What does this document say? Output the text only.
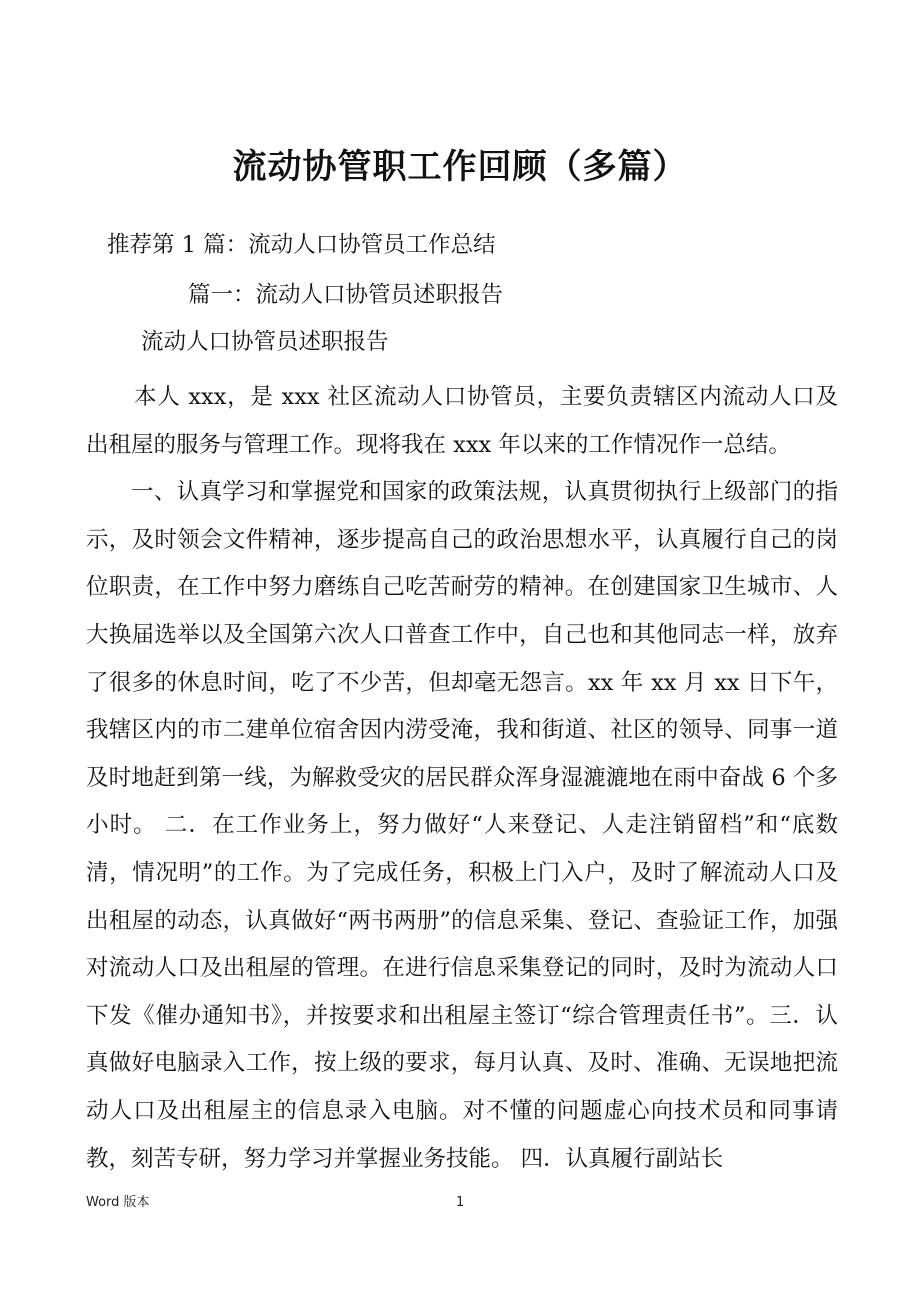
流动协管职工作回顾（多篇）

推荐第 1 篇：流动人口协管员工作总结

篇一：流动人口协管员述职报告

流动人口协管员述职报告

本人 xxx，是 xxx 社区流动人口协管员，主要负责辖区内流动人口及出租屋的服务与管理工作。现将我在 xxx 年以来的工作情况作一总结。

一、认真学习和掌握党和国家的政策法规，认真贯彻执行上级部门的指示，及时领会文件精神，逐步提高自己的政治思想水平，认真履行自己的岗位职责，在工作中努力磨练自己吃苦耐劳的精神。在创建国家卫生城市、人大换届选举以及全国第六次人口普查工作中，自己也和其他同志一样，放弃了很多的休息时间，吃了不少苦，但却毫无怨言。xx 年 xx 月 xx 日下午，我辖区内的市二建单位宿舍因内涝受淹，我和街道、社区的领导、同事一道及时地赶到第一线，为解救受灾的居民群众浑身湿漉漉地在雨中奋战 6 个多小时。 二．在工作业务上，努力做好“人来登记、人走注销留档”和“底数清，情况明”的工作。为了完成任务，积极上门入户，及时了解流动人口及出租屋的动态，认真做好“两书两册”的信息采集、登记、查验证工作，加强对流动人口及出租屋的管理。在进行信息采集登记的同时，及时为流动人口下发《催办通知书》，并按要求和出租屋主签订“综合管理责任书”。三．认真做好电脑录入工作，按上级的要求，每月认真、及时、准确、无误地把流动人口及出租屋主的信息录入电脑。对不懂的问题虚心向技术员和同事请教，刻苦专研，努力学习并掌握业务技能。 四．认真履行副站长

Word 版本	1
